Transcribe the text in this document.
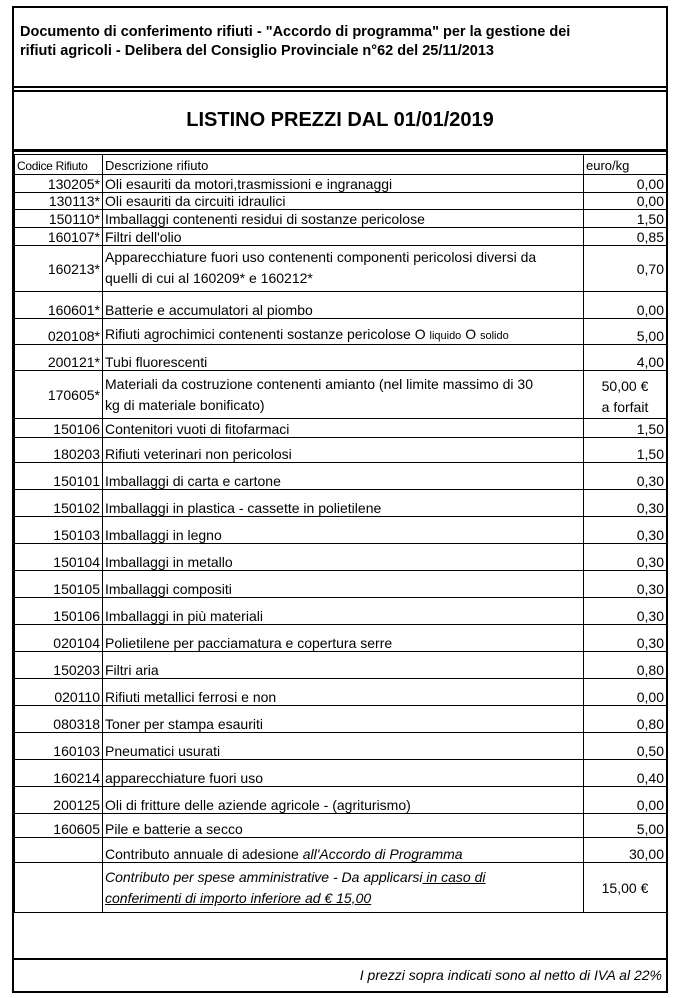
Documento di conferimento rifiuti - "Accordo di programma" per la gestione dei
rifiuti agricoli - Delibera del Consiglio Provinciale n°62 del 25/11/2013
LISTINO PREZZI DAL 01/01/2019
Codice Rifiuto	Descrizione rifiuto	euro/kg
130205*	Oli esauriti da motori,trasmissioni e ingranaggi	0,00
130113*	Oli esauriti da circuiti idraulici	0,00
150110*	Imballaggi contenenti residui di sostanze pericolose	1,50
160107*	Filtri dell'olio	0,85
160213*	Apparecchiature fuori uso contenenti componenti pericolosi diversi da
quelli di cui al 160209* e 160212*	0,70
160601*	Batterie e accumulatori al piombo	0,00
020108*	Rifiuti agrochimici contenenti sostanze pericolose O liquido O solido	5,00
200121*	Tubi fluorescenti	4,00
170605*	Materiali da costruzione contenenti amianto (nel limite massimo di 30
kg di materiale bonificato)	50,00 €
a forfait
150106	Contenitori vuoti di fitofarmaci	1,50
180203	Rifiuti veterinari non pericolosi	1,50
150101	Imballaggi di carta e cartone	0,30
150102	Imballaggi in plastica - cassette in polietilene	0,30
150103	Imballaggi in legno	0,30
150104	Imballaggi in metallo	0,30
150105	Imballaggi compositi	0,30
150106	Imballaggi in più materiali	0,30
020104	Polietilene per pacciamatura e copertura serre	0,30
150203	Filtri aria	0,80
020110	Rifiuti metallici ferrosi e non	0,00
080318	Toner per stampa esauriti	0,80
160103	Pneumatici usurati	0,50
160214	apparecchiature fuori uso	0,40
200125	Oli di fritture delle aziende agricole - (agriturismo)	0,00
160605	Pile e batterie a secco	5,00
	Contributo annuale di adesione all'Accordo di Programma	30,00
	Contributo per spese amministrative - Da applicarsi in caso di
conferimenti di importo inferiore ad € 15,00	15,00 €
I prezzi sopra indicati sono al netto di IVA al 22%
